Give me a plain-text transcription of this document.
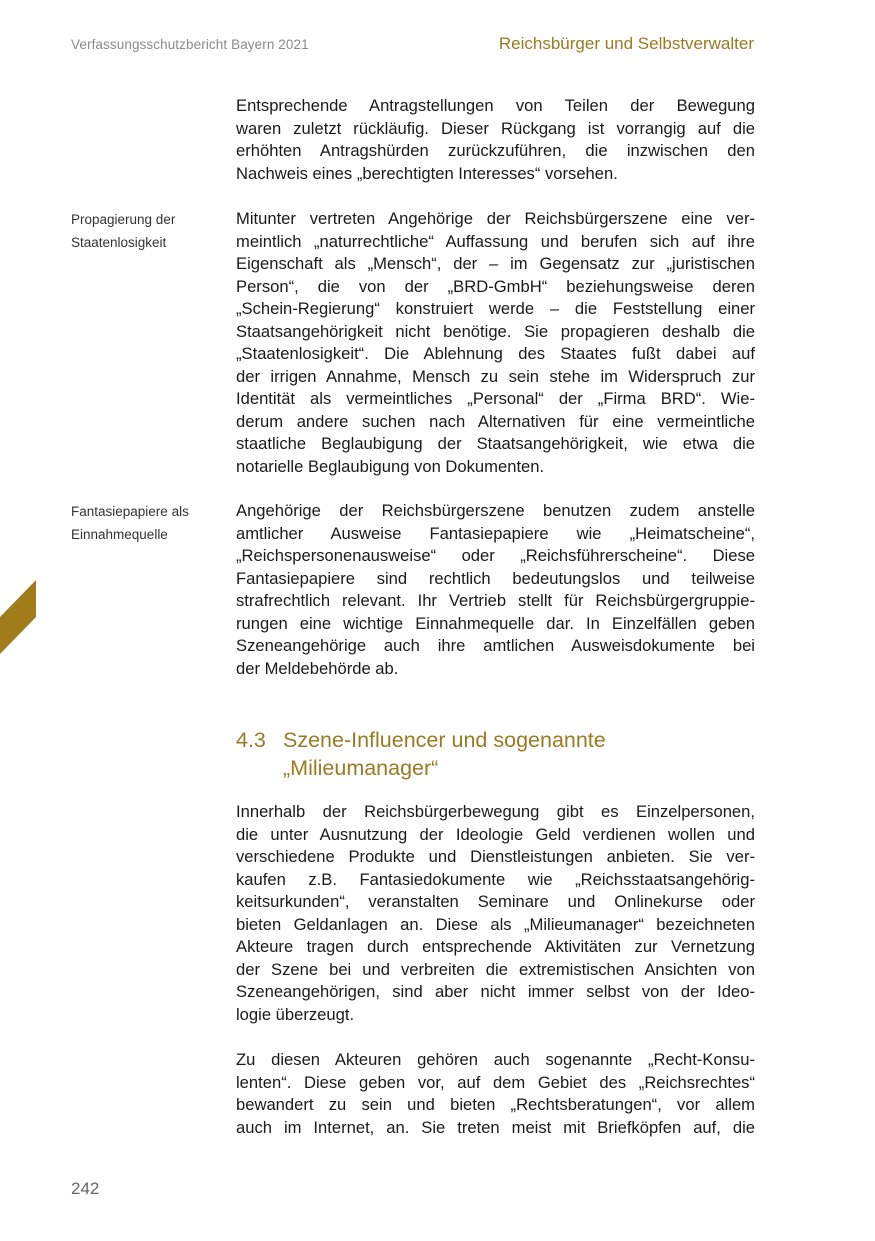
Verfassungsschutzbericht Bayern 2021	Reichsbürger und Selbstverwalter
Propagierung der
Staatenlosigkeit
Fantasiepapiere als
Einnahmequelle
Entsprechende Antragstellungen von Teilen der Bewegung
waren zuletzt rückläufig. Dieser Rückgang ist vorrangig auf die
erhöhten Antragshürden zurückzuführen, die inzwischen den
Nachweis eines „berechtigten Interesses“ vorsehen.
Mitunter vertreten Angehörige der Reichsbürgerszene eine ver-
meintlich „naturrechtliche“ Auffassung und berufen sich auf ihre
Eigenschaft als „Mensch“, der – im Gegensatz zur „juristischen
Person“, die von der „BRD-GmbH“ beziehungsweise deren
„Schein-Regierung“ konstruiert werde – die Feststellung einer
Staatsangehörigkeit nicht benötige. Sie propagieren deshalb die
„Staatenlosigkeit“. Die Ablehnung des Staates fußt dabei auf
der irrigen Annahme, Mensch zu sein stehe im Widerspruch zur
Identität als vermeintliches „Personal“ der „Firma BRD“. Wie-
derum andere suchen nach Alternativen für eine vermeintliche
staatliche Beglaubigung der Staatsangehörigkeit, wie etwa die
notarielle Beglaubigung von Dokumenten.
Angehörige der Reichsbürgerszene benutzen zudem anstelle
amtlicher Ausweise Fantasiepapiere wie „Heimatscheine“,
„Reichspersonenausweise“ oder „Reichsführerscheine“. Diese
Fantasiepapiere sind rechtlich bedeutungslos und teilweise
strafrechtlich relevant. Ihr Vertrieb stellt für Reichsbürgergruppie-
rungen eine wichtige Einnahmequelle dar. In Einzelfällen geben
Szeneangehörige auch ihre amtlichen Ausweisdokumente bei
der Meldebehörde ab.
4.3 Szene-Influencer und sogenannte
„Milieumanager“
Innerhalb der Reichsbürgerbewegung gibt es Einzelpersonen,
die unter Ausnutzung der Ideologie Geld verdienen wollen und
verschiedene Produkte und Dienstleistungen anbieten. Sie ver-
kaufen z.B. Fantasiedokumente wie „Reichsstaatsangehörig-
keitsurkunden“, veranstalten Seminare und Onlinekurse oder
bieten Geldanlagen an. Diese als „Milieumanager“ bezeichneten
Akteure tragen durch entsprechende Aktivitäten zur Vernetzung
der Szene bei und verbreiten die extremistischen Ansichten von
Szeneangehörigen, sind aber nicht immer selbst von der Ideo-
logie überzeugt.
Zu diesen Akteuren gehören auch sogenannte „Recht-Konsu-
lenten“. Diese geben vor, auf dem Gebiet des „Reichsrechtes“
bewandert zu sein und bieten „Rechtsberatungen“, vor allem
auch im Internet, an. Sie treten meist mit Briefköpfen auf, die
242
